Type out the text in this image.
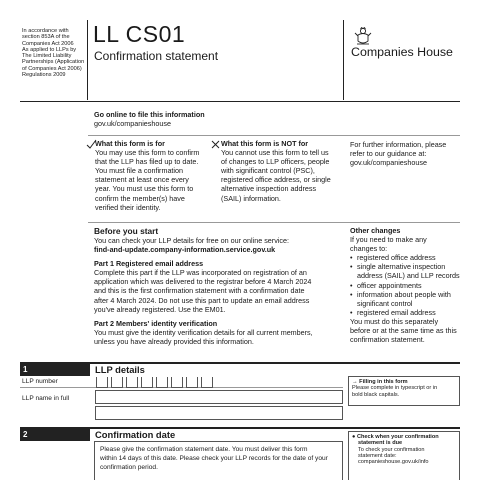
In accordance with
section 853A of the
Companies Act 2006
As applied to LLPs by
The Limited Liability
Partnerships (Application
of Companies Act 2006)
Regulations 2009
LL CS01
Confirmation statement	Companies House
Go online to file this information
gov.uk/companieshouse
What this form is for
You may use this form to confirm
that the LLP has filed up to date.
You must file a confirmation
statement at least once every
year. You must use this form to
confirm the member(s) have
verified their identity.
What this form is NOT for
You cannot use this form to tell us
of changes to LLP officers, people
with significant control (PSC),
registered office address, or single
alternative inspection address
(SAIL) information.
For further information, please
refer to our guidance at:
gov.uk/companieshouse
Before you start
You can check your LLP details for free on our online service:
find-and-update.company-information.service.gov.uk
Part 1 Registered email address
Complete this part if the LLP was incorporated on registration of an
application which was delivered to the registrar before 4 March 2024
and this is the first confirmation statement with a confirmation date
after 4 March 2024. Do not use this part to update an email address
you've already registered. Use the EM01.
Part 2 Members' identity verification
You must give the identity verification details for all current members,
unless you have already provided this information.
Other changes
If you need to make any
changes to:
• registered office address
• single alternative inspection
address (SAIL) and LLP records
• officer appointments
• information about people with
significant control
• registered email address
You must do this separately
before or at the same time as this
confirmation statement.
1	LLP details
LLP number
LLP name in full
→ Filling in this form
Please complete in typescript or in
bold black capitals.
2	Confirmation date
Please give the confirmation statement date. You must deliver this form
within 14 days of this date. Please check your LLP records for the date of your
confirmation period.
● Check when your confirmation
statement is due
To check your confirmation
statement date:
companieshouse.gov.uk/info
